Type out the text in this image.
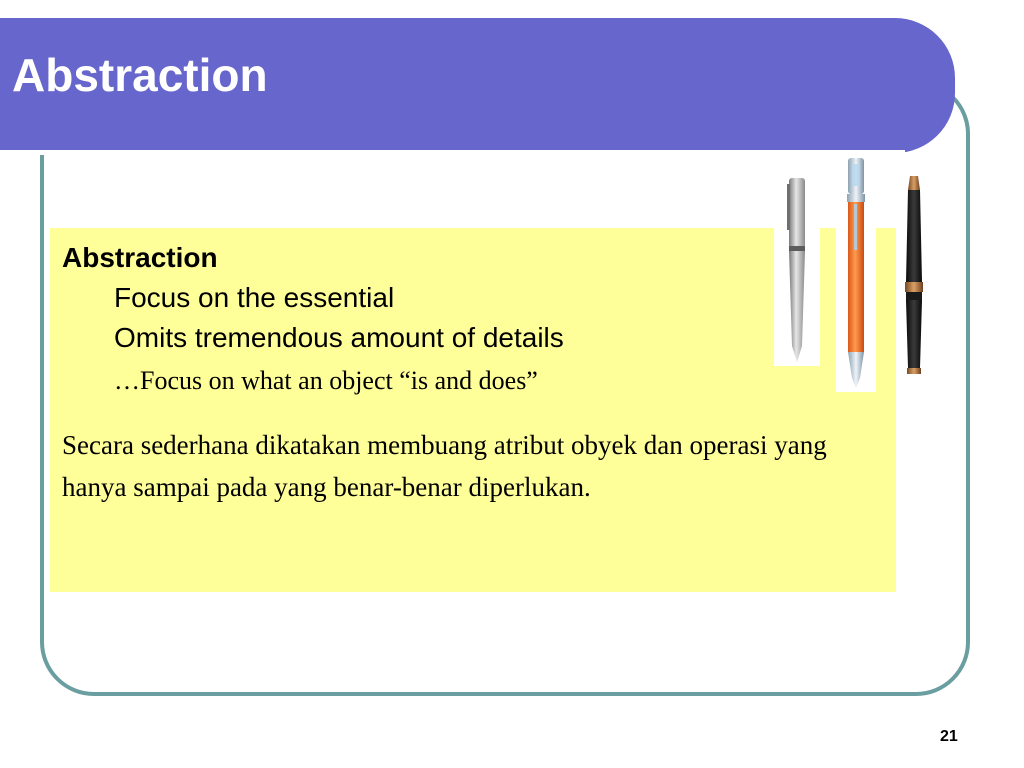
Abstraction
Abstraction
Focus on the essential
Omits tremendous amount of details
…Focus on what an object “is and does”
Secara sederhana dikatakan membuang atribut obyek dan operasi yang hanya sampai pada yang benar-benar diperlukan.
21
